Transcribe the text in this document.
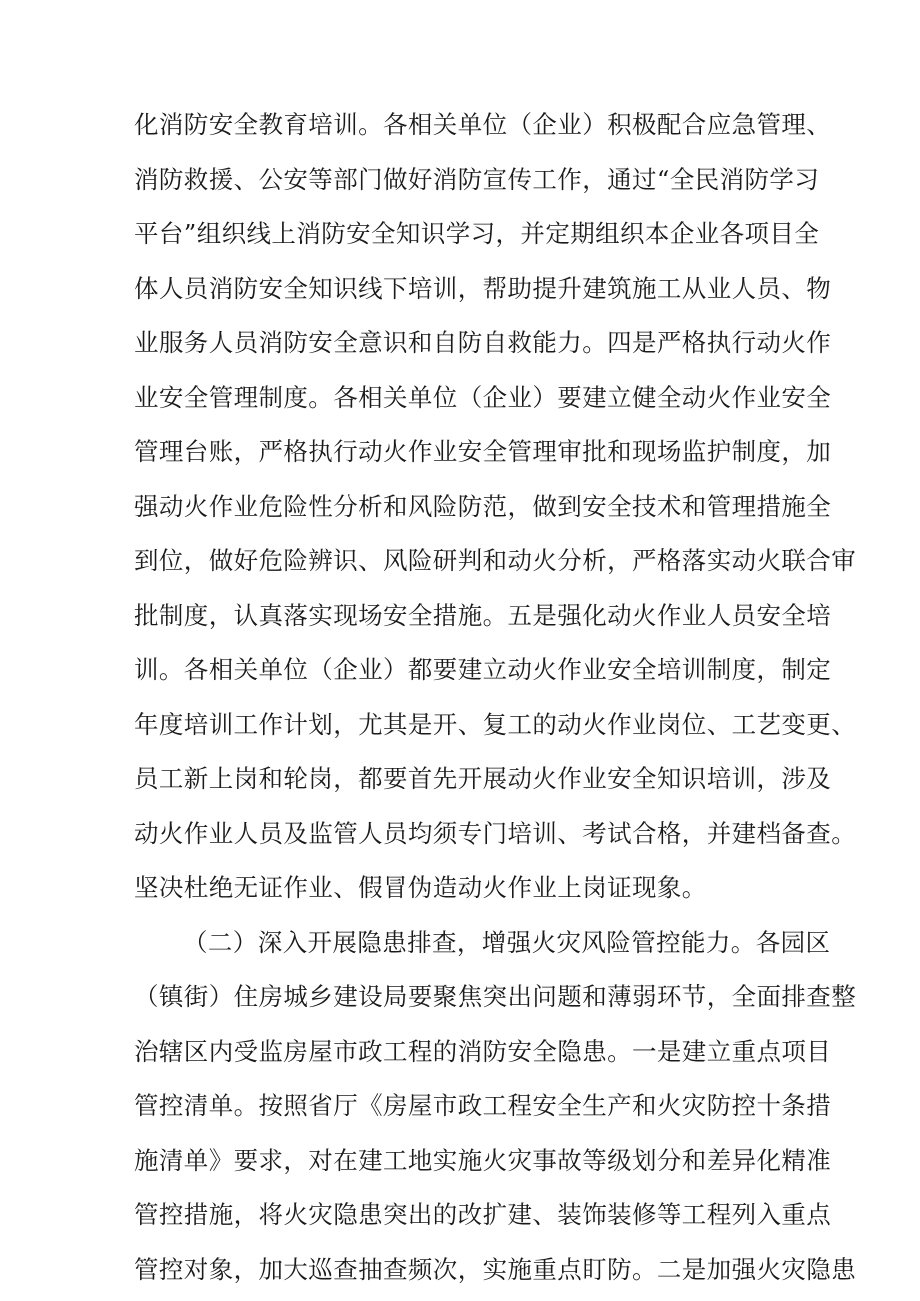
化消防安全教育培训。各相关单位（企业）积极配合应急管理、
消防救援、公安等部门做好消防宣传工作，通过“全民消防学习
平台”组织线上消防安全知识学习，并定期组织本企业各项目全
体人员消防安全知识线下培训，帮助提升建筑施工从业人员、物
业服务人员消防安全意识和自防自救能力。四是严格执行动火作
业安全管理制度。各相关单位（企业）要建立健全动火作业安全
管理台账，严格执行动火作业安全管理审批和现场监护制度，加
强动火作业危险性分析和风险防范，做到安全技术和管理措施全
到位，做好危险辨识、风险研判和动火分析，严格落实动火联合审
批制度，认真落实现场安全措施。五是强化动火作业人员安全培
训。各相关单位（企业）都要建立动火作业安全培训制度，制定
年度培训工作计划，尤其是开、复工的动火作业岗位、工艺变更、
员工新上岗和轮岗，都要首先开展动火作业安全知识培训，涉及
动火作业人员及监管人员均须专门培训、考试合格，并建档备查。
坚决杜绝无证作业、假冒伪造动火作业上岗证现象。
（二）深入开展隐患排查，增强火灾风险管控能力。各园区
（镇街）住房城乡建设局要聚焦突出问题和薄弱环节，全面排查整
治辖区内受监房屋市政工程的消防安全隐患。一是建立重点项目
管控清单。按照省厅《房屋市政工程安全生产和火灾防控十条措
施清单》要求，对在建工地实施火灾事故等级划分和差异化精准
管控措施，将火灾隐患突出的改扩建、装饰装修等工程列入重点
管控对象，加大巡查抽查频次，实施重点盯防。二是加强火灾隐患
